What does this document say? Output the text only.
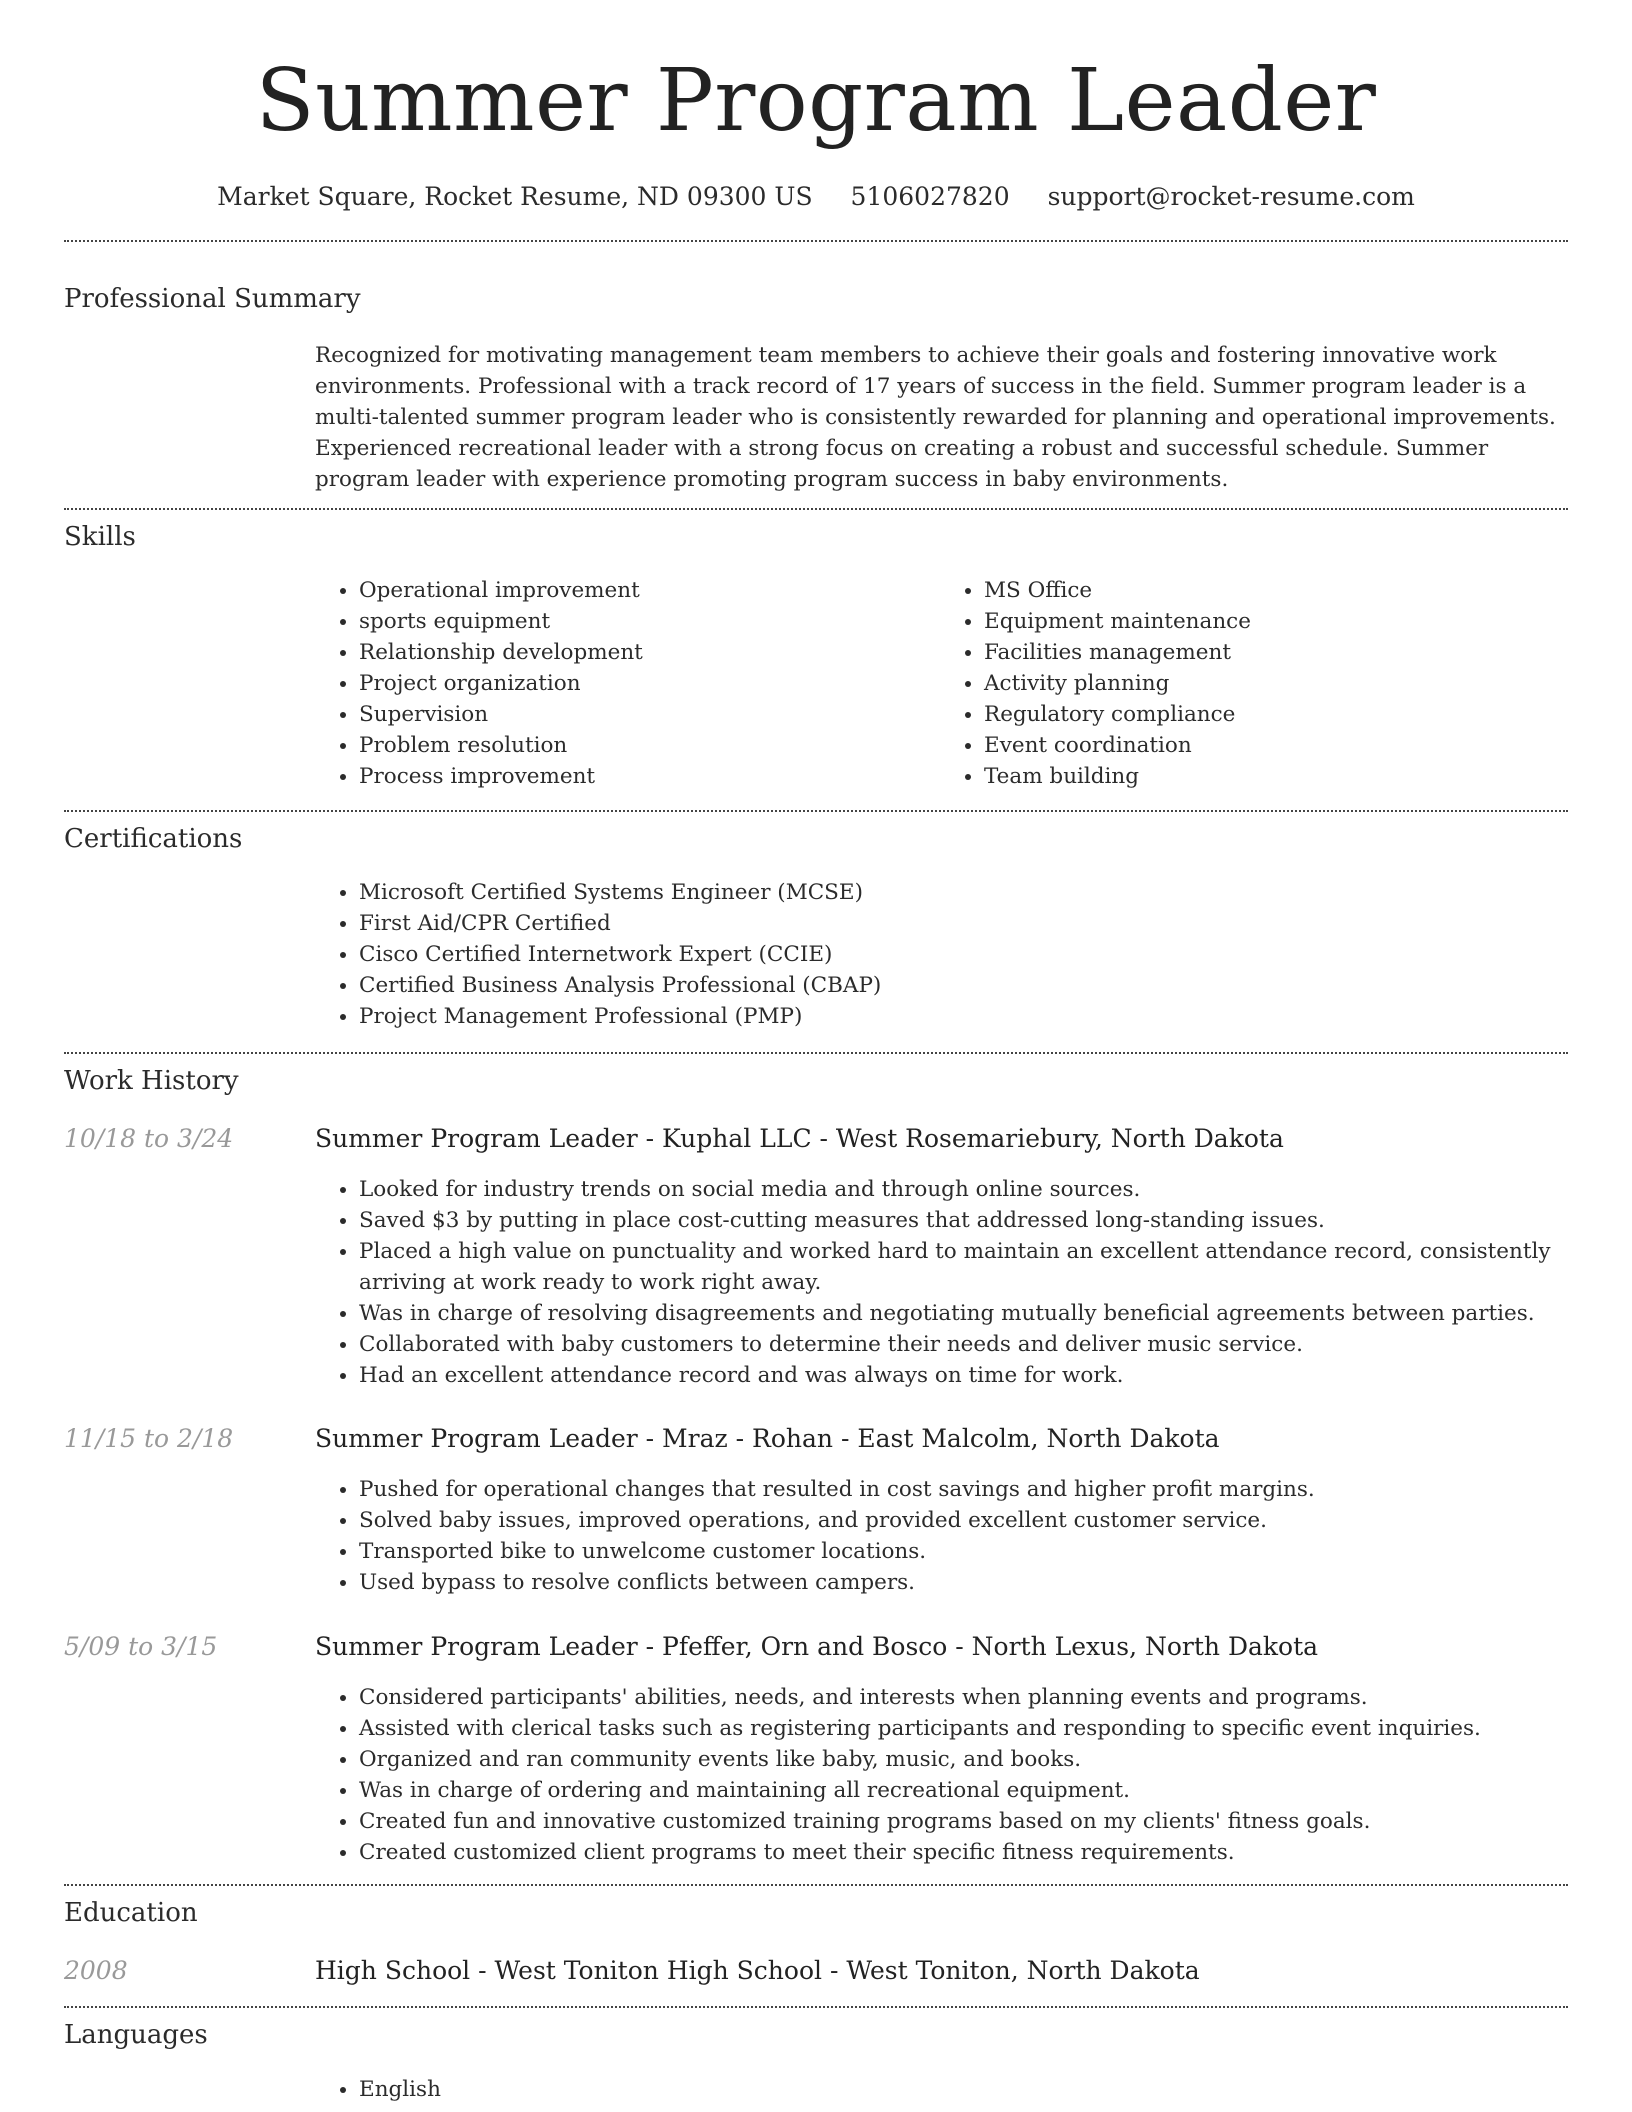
Summer Program Leader
Market Square, Rocket Resume, ND 09300 US 5106027820 support@rocket-resume.com
Professional Summary
Recognized for motivating management team members to achieve their goals and fostering innovative work environments. Professional with a track record of 17 years of success in the field. Summer program leader is a multi-talented summer program leader who is consistently rewarded for planning and operational improvements. Experienced recreational leader with a strong focus on creating a robust and successful schedule. Summer program leader with experience promoting program success in baby environments.
Skills
• Operational improvement
• sports equipment
• Relationship development
• Project organization
• Supervision
• Problem resolution
• Process improvement
• MS Office
• Equipment maintenance
• Facilities management
• Activity planning
• Regulatory compliance
• Event coordination
• Team building
Certifications
• Microsoft Certified Systems Engineer (MCSE)
• First Aid/CPR Certified
• Cisco Certified Internetwork Expert (CCIE)
• Certified Business Analysis Professional (CBAP)
• Project Management Professional (PMP)
Work History
10/18 to 3/24	Summer Program Leader - Kuphal LLC - West Rosemariebury, North Dakota
• Looked for industry trends on social media and through online sources.
• Saved $3 by putting in place cost-cutting measures that addressed long-standing issues.
• Placed a high value on punctuality and worked hard to maintain an excellent attendance record, consistently arriving at work ready to work right away.
• Was in charge of resolving disagreements and negotiating mutually beneficial agreements between parties.
• Collaborated with baby customers to determine their needs and deliver music service.
• Had an excellent attendance record and was always on time for work.
11/15 to 2/18	Summer Program Leader - Mraz - Rohan - East Malcolm, North Dakota
• Pushed for operational changes that resulted in cost savings and higher profit margins.
• Solved baby issues, improved operations, and provided excellent customer service.
• Transported bike to unwelcome customer locations.
• Used bypass to resolve conflicts between campers.
5/09 to 3/15	Summer Program Leader - Pfeffer, Orn and Bosco - North Lexus, North Dakota
• Considered participants' abilities, needs, and interests when planning events and programs.
• Assisted with clerical tasks such as registering participants and responding to specific event inquiries.
• Organized and ran community events like baby, music, and books.
• Was in charge of ordering and maintaining all recreational equipment.
• Created fun and innovative customized training programs based on my clients' fitness goals.
• Created customized client programs to meet their specific fitness requirements.
Education
2008	High School - West Toniton High School - West Toniton, North Dakota
Languages
• English
